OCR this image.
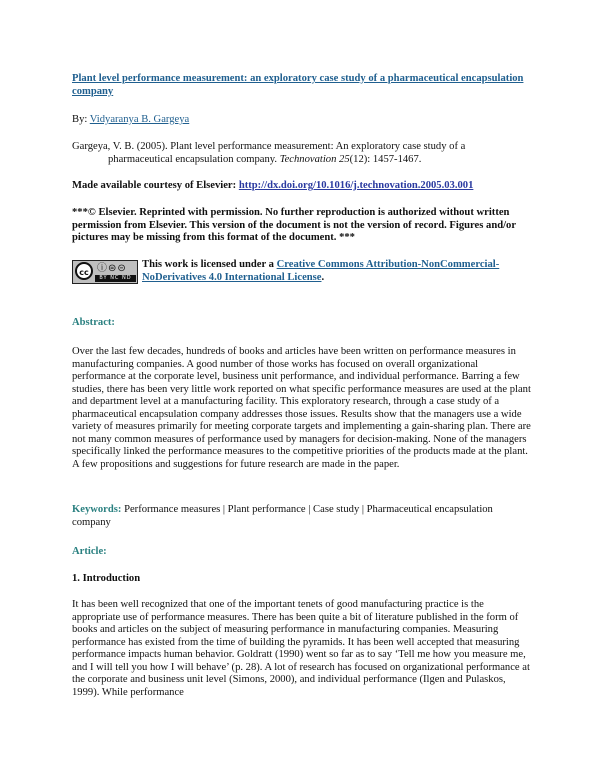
Plant level performance measurement: an exploratory case study of a pharmaceutical encapsulation company
By: Vidyaranya B. Gargeya
Gargeya, V. B. (2005). Plant level performance measurement: An exploratory case study of a
pharmaceutical encapsulation company. Technovation 25(12): 1457-1467.
Made available courtesy of Elsevier: http://dx.doi.org/10.1016/j.technovation.2005.03.001
***© Elsevier. Reprinted with permission. No further reproduction is authorized without written permission from Elsevier. This version of the document is not the version of record. Figures and/or pictures may be missing from this format of the document. ***
cc ⓘ⊜⊝
BY NC ND
This work is licensed under a Creative Commons Attribution-NonCommercial-NoDerivatives 4.0 International License.
Abstract:
Over the last few decades, hundreds of books and articles have been written on performance measures in manufacturing companies. A good number of those works has focused on overall organizational performance at the corporate level, business unit performance, and individual performance. Barring a few studies, there has been very little work reported on what specific performance measures are used at the plant and department level at a manufacturing facility. This exploratory research, through a case study of a pharmaceutical encapsulation company addresses those issues. Results show that the managers use a wide variety of measures primarily for meeting corporate targets and implementing a gain-sharing plan. There are not many common measures of performance used by managers for decision-making. None of the managers specifically linked the performance measures to the competitive priorities of the products made at the plant. A few propositions and suggestions for future research are made in the paper.
Keywords: Performance measures | Plant performance | Case study | Pharmaceutical encapsulation company
Article:
1. Introduction
It has been well recognized that one of the important tenets of good manufacturing practice is the appropriate use of performance measures. There has been quite a bit of literature published in the form of books and articles on the subject of measuring performance in manufacturing companies. Measuring performance has existed from the time of building the pyramids. It has been well accepted that measuring performance impacts human behavior. Goldratt (1990) went so far as to say ‘Tell me how you measure me, and I will tell you how I will behave’ (p. 28). A lot of research has focused on organizational performance at the corporate and business unit level (Simons, 2000), and individual performance (Ilgen and Pulaskos, 1999). While performance
